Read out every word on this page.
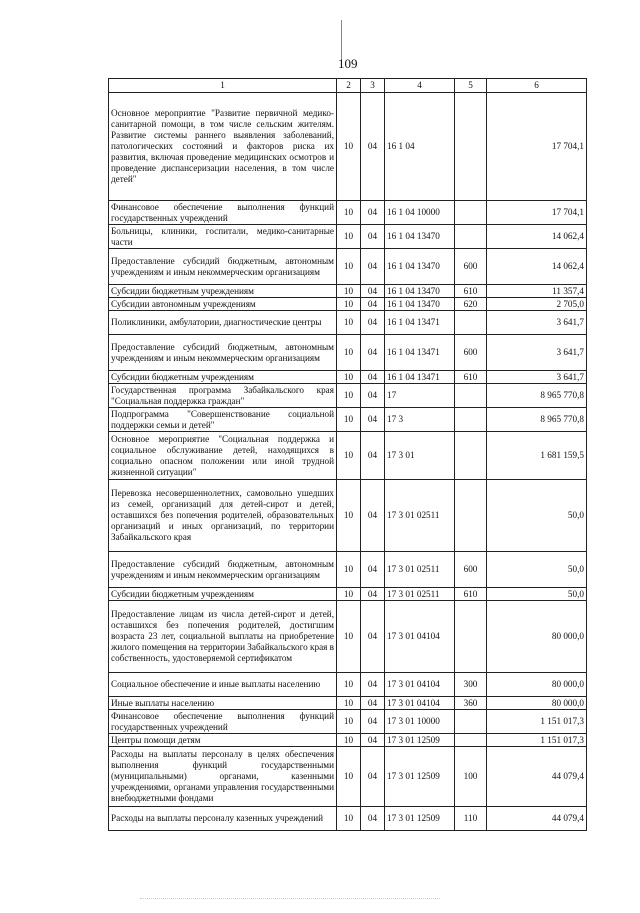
109
1	2	3	4	5	6
Основное мероприятие "Развитие первичной медико-санитарной помощи, в том числе сельским жителям. Развитие системы раннего выявления заболеваний, патологических состояний и факторов риска их развития, включая проведение медицинских осмотров и проведение диспансеризации населения, в том числе детей"	10	04	16 1 04		17 704,1
Финансовое обеспечение выполнения функций государственных учреждений	10	04	16 1 04 10000		17 704,1
Больницы, клиники, госпитали, медико-санитарные части	10	04	16 1 04 13470		14 062,4
Предоставление субсидий бюджетным, автономным учреждениям и иным некоммерческим организациям	10	04	16 1 04 13470	600	14 062,4
Субсидии бюджетным учреждениям	10	04	16 1 04 13470	610	11 357,4
Субсидии автономным учреждениям	10	04	16 1 04 13470	620	2 705,0
Поликлиники, амбулатории, диагностические центры	10	04	16 1 04 13471		3 641,7
Предоставление субсидий бюджетным, автономным учреждениям и иным некоммерческим организациям	10	04	16 1 04 13471	600	3 641,7
Субсидии бюджетным учреждениям	10	04	16 1 04 13471	610	3 641,7
Государственная программа Забайкальского края "Социальная поддержка граждан"	10	04	17		8 965 770,8
Подпрограмма "Совершенствование социальной поддержки семьи и детей"	10	04	17 3		8 965 770,8
Основное мероприятие "Социальная поддержка и социальное обслуживание детей, находящихся в социально опасном положении или иной трудной жизненной ситуации"	10	04	17 3 01		1 681 159,5
Перевозка несовершеннолетних, самовольно ушедших из семей, организаций для детей-сирот и детей, оставшихся без попечения родителей, образовательных организаций и иных организаций, по территории Забайкальского края	10	04	17 3 01 02511		50,0
Предоставление субсидий бюджетным, автономным учреждениям и иным некоммерческим организациям	10	04	17 3 01 02511	600	50,0
Субсидии бюджетным учреждениям	10	04	17 3 01 02511	610	50,0
Предоставление лицам из числа детей-сирот и детей, оставшихся без попечения родителей, достигшим возраста 23 лет, социальной выплаты на приобретение жилого помещения на территории Забайкальского края в собственность, удостоверяемой сертификатом	10	04	17 3 01 04104		80 000,0
Социальное обеспечение и иные выплаты населению	10	04	17 3 01 04104	300	80 000,0
Иные выплаты населению	10	04	17 3 01 04104	360	80 000,0
Финансовое обеспечение выполнения функций государственных учреждений	10	04	17 3 01 10000		1 151 017,3
Центры помощи детям	10	04	17 3 01 12509		1 151 017,3
Расходы на выплаты персоналу в целях обеспечения выполнения функций государственными (муниципальными) органами, казенными учреждениями, органами управления государственными внебюджетными фондами	10	04	17 3 01 12509	100	44 079,4
Расходы на выплаты персоналу казенных учреждений	10	04	17 3 01 12509	110	44 079,4
